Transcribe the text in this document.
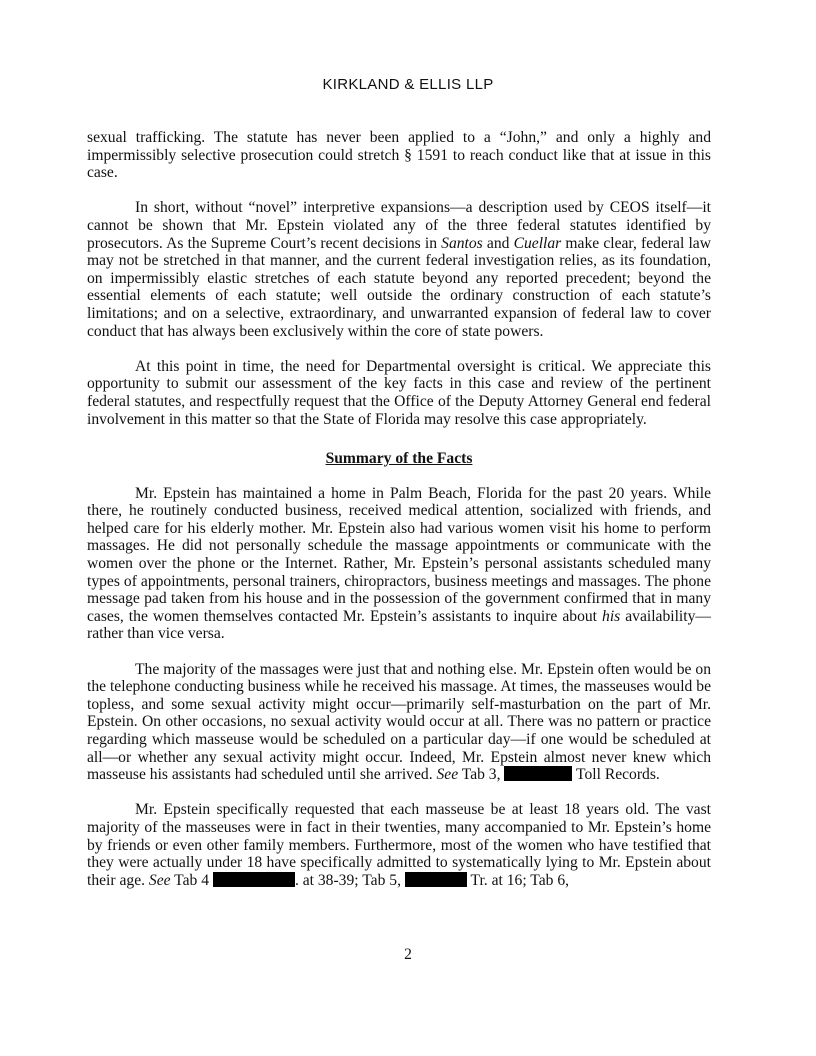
KIRKLAND & ELLIS LLP

sexual trafficking. The statute has never been applied to a “John,” and only a highly and impermissibly selective prosecution could stretch § 1591 to reach conduct like that at issue in this case.

In short, without “novel” interpretive expansions—a description used by CEOS itself—it cannot be shown that Mr. Epstein violated any of the three federal statutes identified by prosecutors. As the Supreme Court’s recent decisions in Santos and Cuellar make clear, federal law may not be stretched in that manner, and the current federal investigation relies, as its foundation, on impermissibly elastic stretches of each statute beyond any reported precedent; beyond the essential elements of each statute; well outside the ordinary construction of each statute’s limitations; and on a selective, extraordinary, and unwarranted expansion of federal law to cover conduct that has always been exclusively within the core of state powers.

At this point in time, the need for Departmental oversight is critical. We appreciate this opportunity to submit our assessment of the key facts in this case and review of the pertinent federal statutes, and respectfully request that the Office of the Deputy Attorney General end federal involvement in this matter so that the State of Florida may resolve this case appropriately.

Summary of the Facts

Mr. Epstein has maintained a home in Palm Beach, Florida for the past 20 years. While there, he routinely conducted business, received medical attention, socialized with friends, and helped care for his elderly mother. Mr. Epstein also had various women visit his home to perform massages. He did not personally schedule the massage appointments or communicate with the women over the phone or the Internet. Rather, Mr. Epstein’s personal assistants scheduled many types of appointments, personal trainers, chiropractors, business meetings and massages. The phone message pad taken from his house and in the possession of the government confirmed that in many cases, the women themselves contacted Mr. Epstein’s assistants to inquire about his availability—rather than vice versa.

The majority of the massages were just that and nothing else. Mr. Epstein often would be on the telephone conducting business while he received his massage. At times, the masseuses would be topless, and some sexual activity might occur—primarily self-masturbation on the part of Mr. Epstein. On other occasions, no sexual activity would occur at all. There was no pattern or practice regarding which masseuse would be scheduled on a particular day—if one would be scheduled at all—or whether any sexual activity might occur. Indeed, Mr. Epstein almost never knew which masseuse his assistants had scheduled until she arrived. See Tab 3,	Toll Records.

Mr. Epstein specifically requested that each masseuse be at least 18 years old. The vast majority of the masseuses were in fact in their twenties, many accompanied to Mr. Epstein’s home by friends or even other family members. Furthermore, most of the women who have testified that they were actually under 18 have specifically admitted to systematically lying to Mr. Epstein about their age. See Tab 4	. at 38-39; Tab 5,	Tr. at 16; Tab 6,

2
